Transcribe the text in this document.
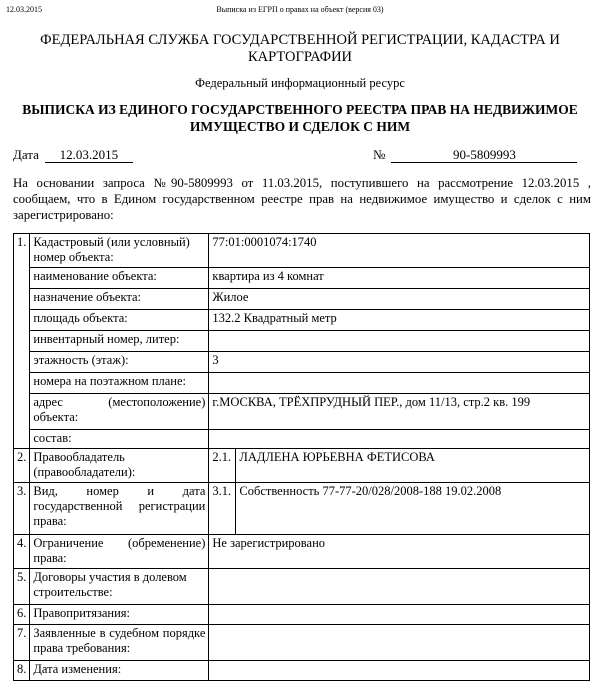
12.03.2015	Выписка из ЕГРП о правах на объект (версия 03)
ФЕДЕРАЛЬНАЯ СЛУЖБА ГОСУДАРСТВЕННОЙ РЕГИСТРАЦИИ, КАДАСТРА И КАРТОГРАФИИ
Федеральный информационный ресурс
ВЫПИСКА ИЗ ЕДИНОГО ГОСУДАРСТВЕННОГО РЕЕСТРА ПРАВ НА НЕДВИЖИМОЕ ИМУЩЕСТВО И СДЕЛОК С НИМ
Дата 12.03.2015	№	90-5809993
На основании запроса №90-5809993 от 11.03.2015, поступившего на рассмотрение 12.03.2015 , сообщаем, что в Едином государственном реестре прав на недвижимое имущество и сделок с ним зарегистрировано:
1.	Кадастровый (или условный) номер объекта:	77:01:0001074:1740	
	наименование объекта:	квартира из 4 комнат	
	назначение объекта:	Жилое	
	площадь объекта:	132.2 Квадратный метр	
	инвентарный номер, литер:		
	этажность (этаж):	3	
	номера на поэтажном плане:		
	адрес (местоположение) объекта:	г.МОСКВА, ТРЁХПРУДНЫЙ ПЕР., дом 11/13, стр.2 кв. 199	
	состав:		
2.	Правообладатель (правообладатели):	2.1.	ЛАДЛЕНА ЮРЬЕВНА ФЕТИСОВА
3.	Вид, номер и дата государственной регистрации права:	3.1.	Собственность 77-77-20/028/2008-188 19.02.2008
4.	Ограничение (обременение) права:	Не зарегистрировано	
5.	Договоры участия в долевом строительстве:		
6.	Правопритязания:		
7.	Заявленные в судебном порядке права требования:		
8.	Дата изменения:		
